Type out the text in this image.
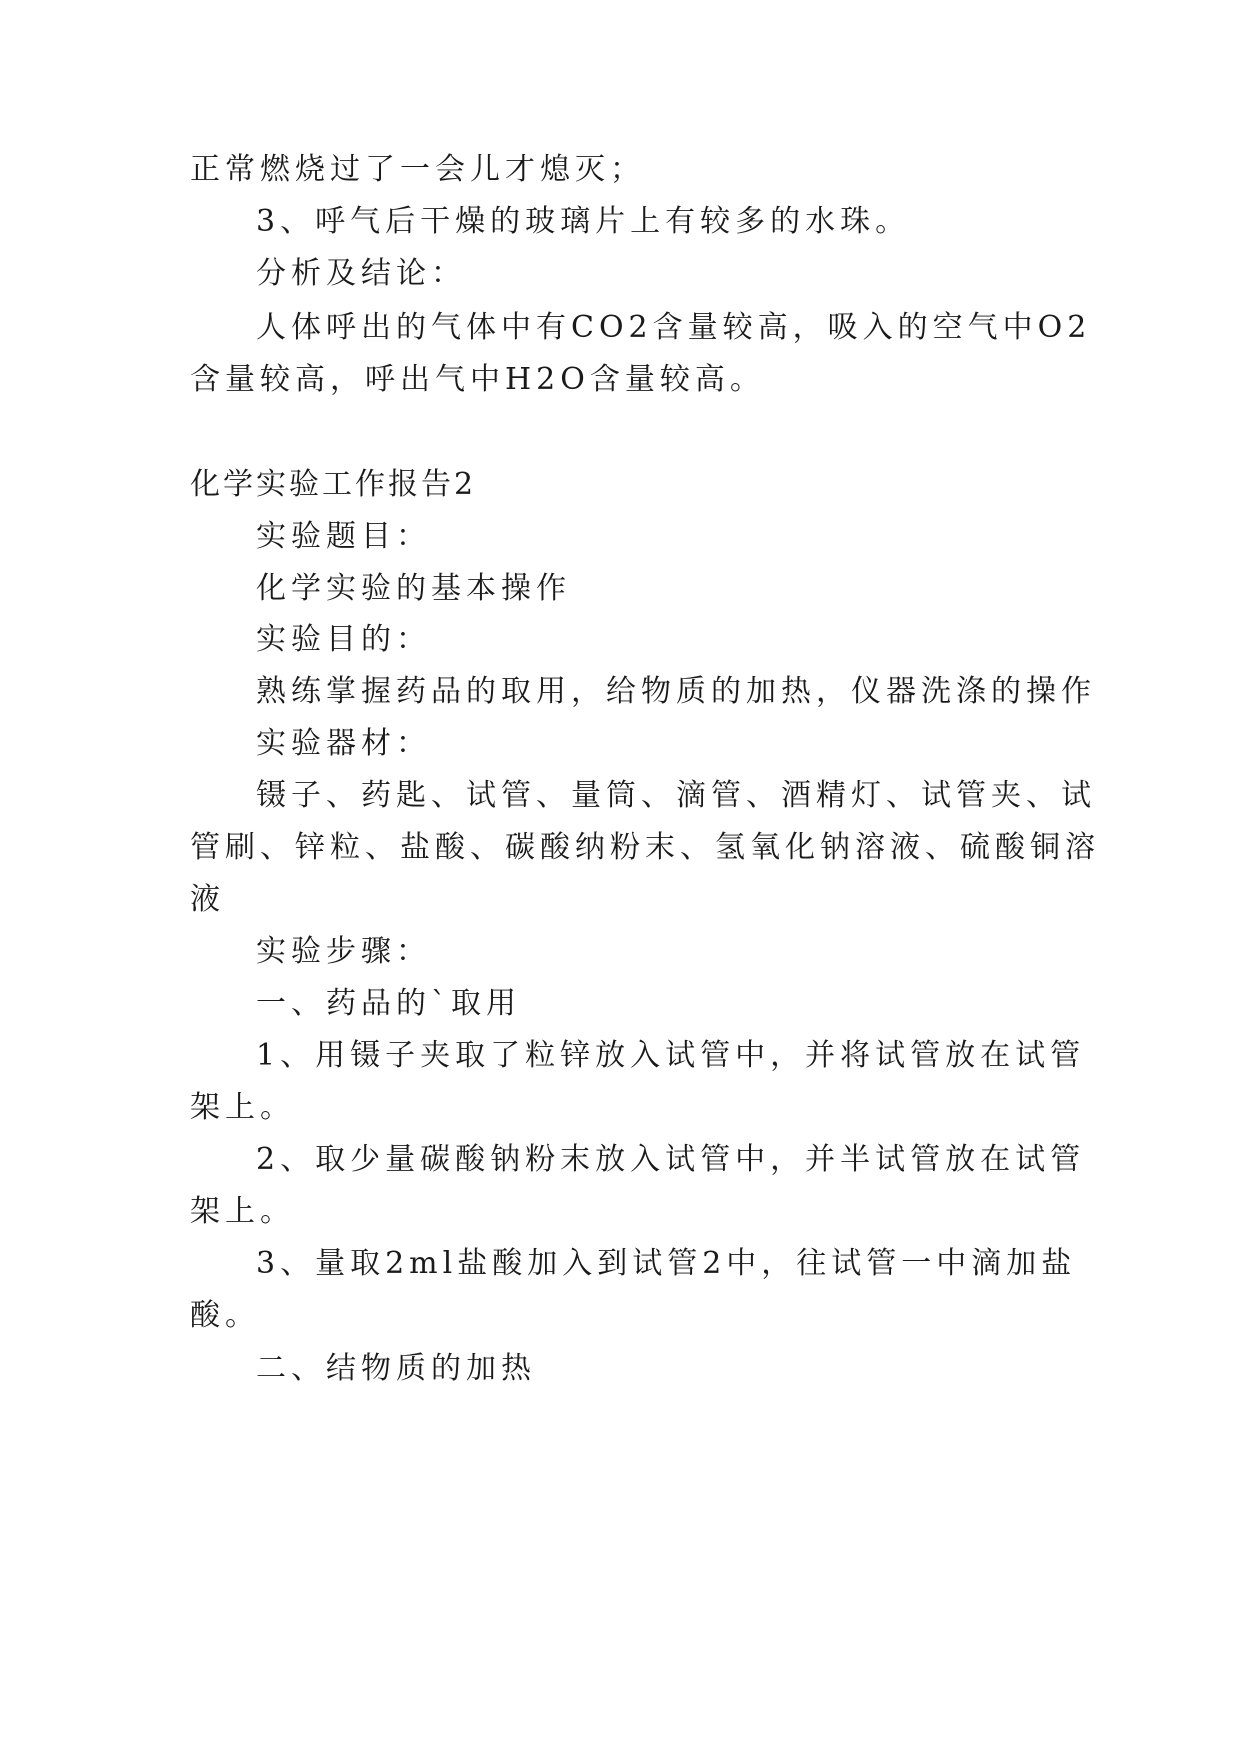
正常燃烧过了一会儿才熄灭；
3、呼气后干燥的玻璃片上有较多的水珠。
分析及结论：
人体呼出的气体中有CO2含量较高，吸入的空气中O2
含量较高，呼出气中H2O含量较高。
化学实验工作报告2
实验题目：
化学实验的基本操作
实验目的：
熟练掌握药品的取用，给物质的加热，仪器洗涤的操作
实验器材：
镊子、药匙、试管、量筒、滴管、酒精灯、试管夹、试
管刷、锌粒、盐酸、碳酸纳粉末、氢氧化钠溶液、硫酸铜溶
液
实验步骤：
一、药品的`取用
1、用镊子夹取了粒锌放入试管中，并将试管放在试管
架上。
2、取少量碳酸钠粉末放入试管中，并半试管放在试管
架上。
3、量取2ml盐酸加入到试管2中，往试管一中滴加盐
酸。
二、结物质的加热
